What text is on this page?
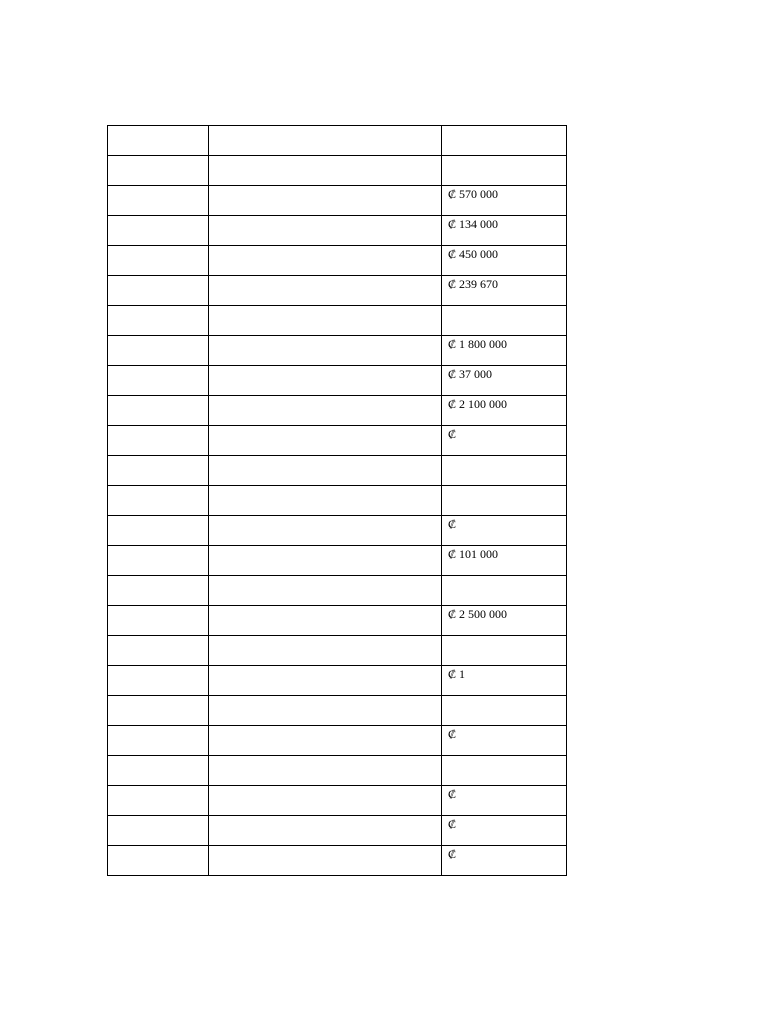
		₡ 570 000

		₡ 134 000

		₡ 450 000

		₡ 239 670

		₡ 1 800 000

		₡ 37 000

		₡ 2 100 000

		₡

		₡

		₡ 101 000

		₡ 2 500 000

		₡ 1

		₡

		₡

		₡

		₡
